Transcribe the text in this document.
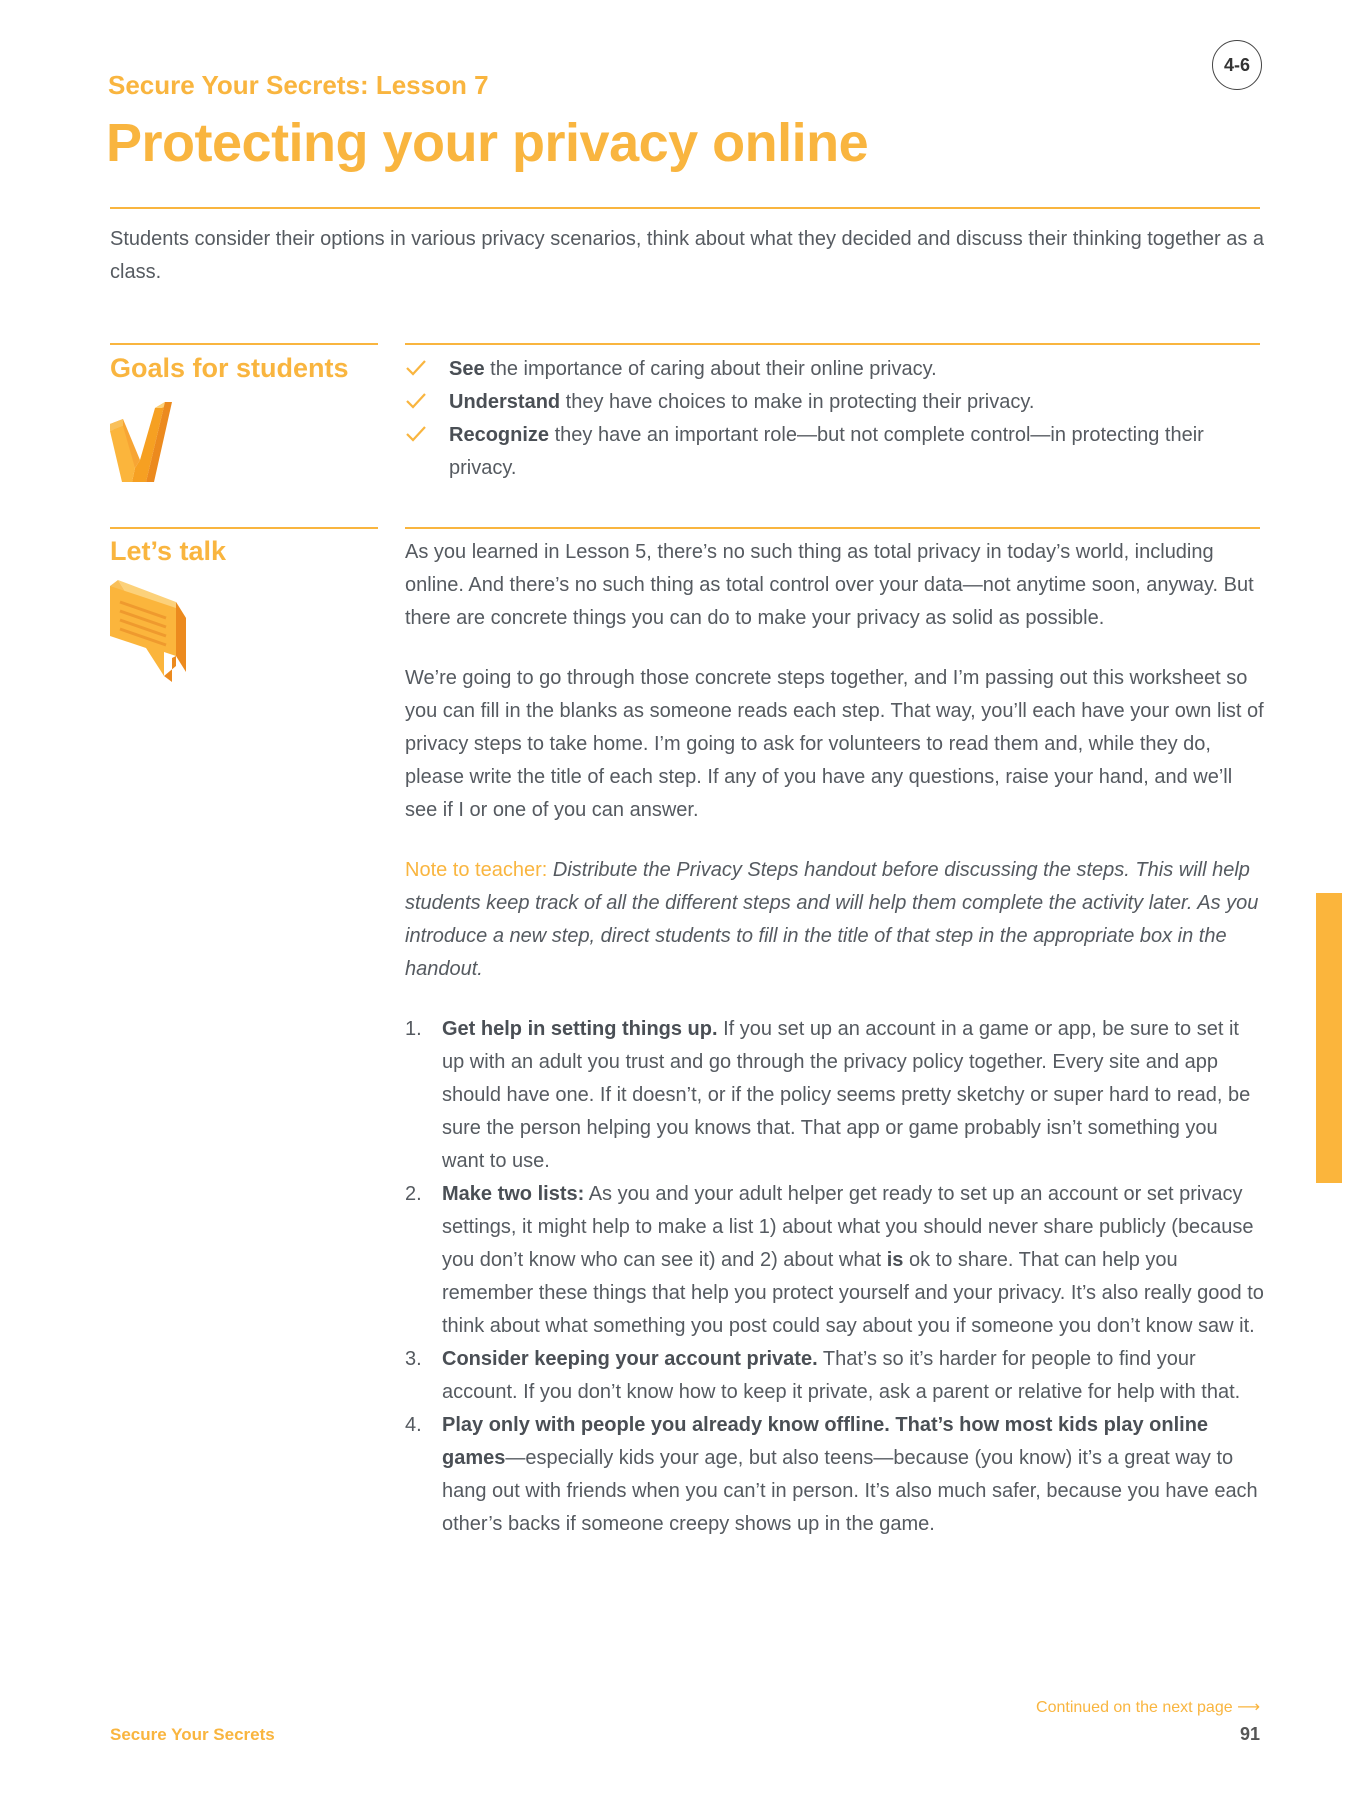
Secure Your Secrets: Lesson 7
Protecting your privacy online
4-6
Students consider their options in various privacy scenarios, think about what they decided and discuss their thinking together as a class.
Goals for students	See the importance of caring about their online privacy.
Understand they have choices to make in protecting their privacy.
Recognize they have an important role—but not complete control—in protecting their privacy.
Let’s talk	As you learned in Lesson 5, there’s no such thing as total privacy in today’s world, including online. And there’s no such thing as total control over your data—not anytime soon, anyway. But there are concrete things you can do to make your privacy as solid as possible.

We’re going to go through those concrete steps together, and I’m passing out this worksheet so you can fill in the blanks as someone reads each step. That way, you’ll each have your own list of privacy steps to take home. I’m going to ask for volunteers to read them and, while they do, please write the title of each step. If any of you have any questions, raise your hand, and we’ll see if I or one of you can answer.

Note to teacher: Distribute the Privacy Steps handout before discussing the steps. This will help students keep track of all the different steps and will help them complete the activity later. As you introduce a new step, direct students to fill in the title of that step in the appropriate box in the handout.

1. Get help in setting things up. If you set up an account in a game or app, be sure to set it up with an adult you trust and go through the privacy policy together. Every site and app should have one. If it doesn’t, or if the policy seems pretty sketchy or super hard to read, be sure the person helping you knows that. That app or game probably isn’t something you want to use.
2. Make two lists: As you and your adult helper get ready to set up an account or set privacy settings, it might help to make a list 1) about what you should never share publicly (because you don’t know who can see it) and 2) about what is ok to share. That can help you remember these things that help you protect yourself and your privacy. It’s also really good to think about what something you post could say about you if someone you don’t know saw it.
3. Consider keeping your account private. That’s so it’s harder for people to find your account. If you don’t know how to keep it private, ask a parent or relative for help with that.
4. Play only with people you already know offline. That’s how most kids play online games—especially kids your age, but also teens—because (you know) it’s a great way to hang out with friends when you can’t in person. It’s also much safer, because you have each other’s backs if someone creepy shows up in the game.
Continued on the next page ⟶
Secure Your Secrets	91
